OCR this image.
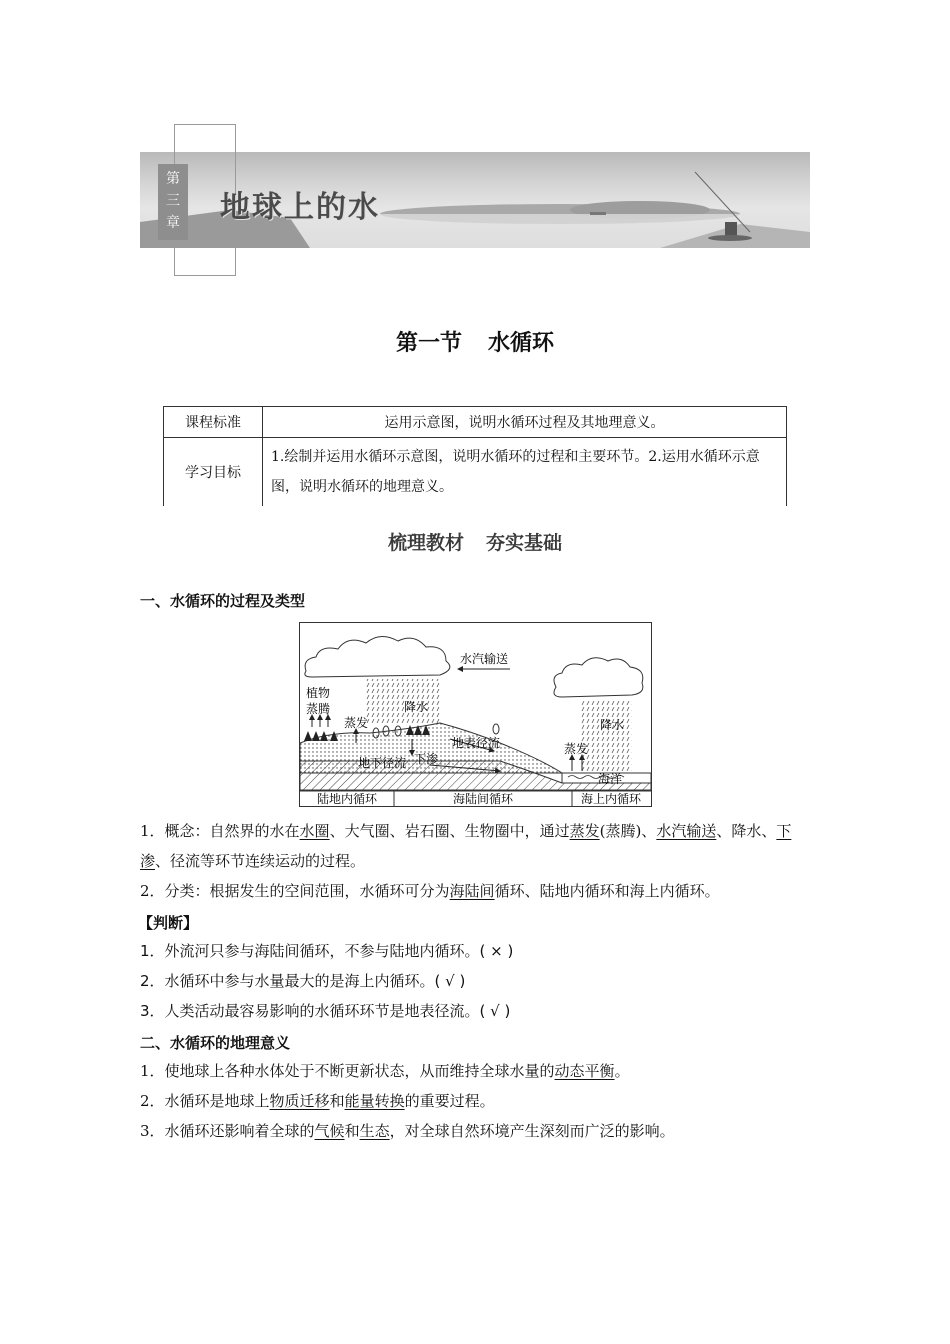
第
三
章 地球上的水
第一节 水循环
课程标准	运用示意图，说明水循环过程及其地理意义。
学习目标	1.绘制并运用水循环示意图，说明水循环的过程和主要环节。2.运用水循环示意图，说明水循环的地理意义。
梳理教材 夯实基础
一、水循环的过程及类型
水汽输送
植物
蒸腾
蒸发
降水
地表径流
下渗
地下径流
蒸发
降水
海洋
陆地内循环	海陆间循环	海上内循环
1．概念：自然界的水在水圈、大气圈、岩石圈、生物圈中，通过蒸发(蒸腾)、水汽输送、降水、下渗、径流等环节连续运动的过程。
2．分类：根据发生的空间范围，水循环可分为海陆间循环、陆地内循环和海上内循环。
【判断】
1．外流河只参与海陆间循环，不参与陆地内循环。( × )
2．水循环中参与水量最大的是海上内循环。( √ )
3．人类活动最容易影响的水循环环节是地表径流。( √ )
二、水循环的地理意义
1．使地球上各种水体处于不断更新状态，从而维持全球水量的动态平衡。
2．水循环是地球上物质迁移和能量转换的重要过程。
3．水循环还影响着全球的气候和生态，对全球自然环境产生深刻而广泛的影响。
